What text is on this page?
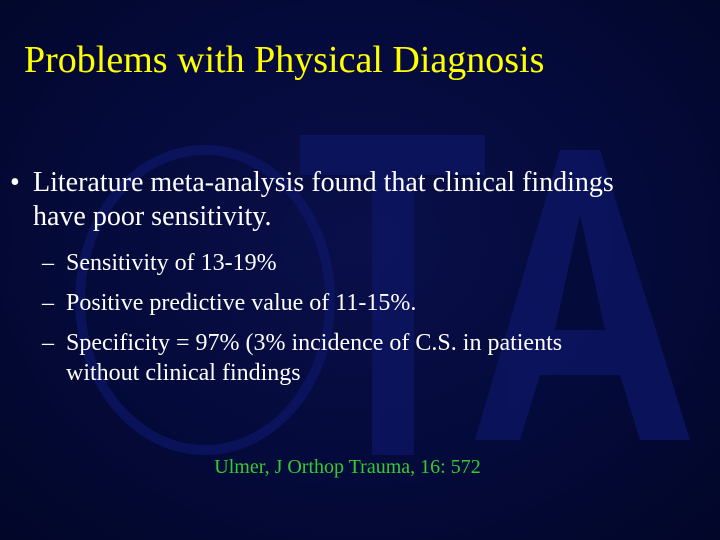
Problems with Physical Diagnosis
• Literature meta-analysis found that clinical findings have poor sensitivity.
– Sensitivity of 13-19%
– Positive predictive value of 11-15%.
– Specificity = 97% (3% incidence of C.S. in patients without clinical findings
Ulmer, J Orthop Trauma, 16: 572
